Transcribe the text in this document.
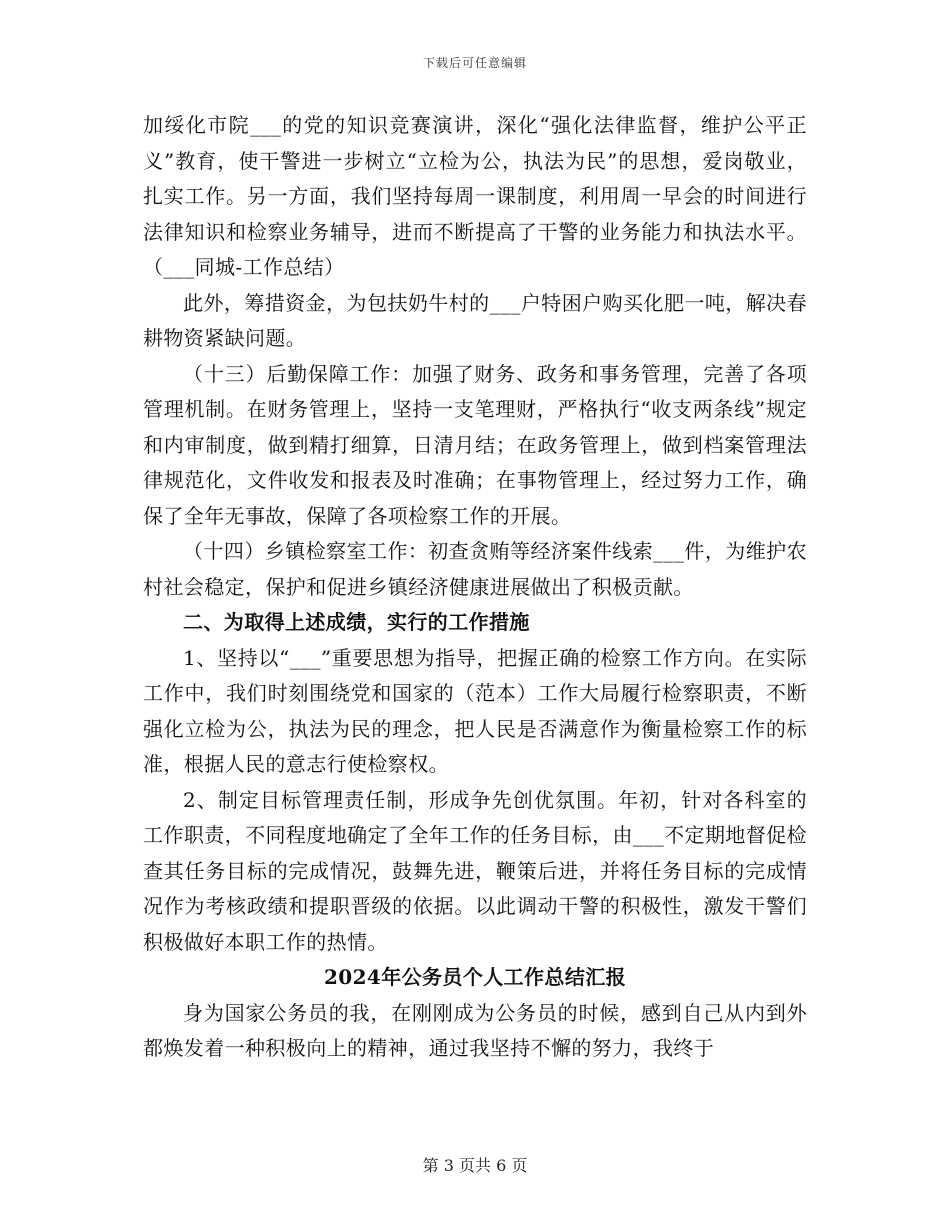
下载后可任意编辑

加绥化市院___的党的知识竞赛演讲，深化“强化法律监督，维护公平正义”教育，使干警进一步树立“立检为公，执法为民”的思想，爱岗敬业，扎实工作。另一方面，我们坚持每周一课制度，利用周一早会的时间进行法律知识和检察业务辅导，进而不断提高了干警的业务能力和执法水平。（___同城-工作总结）

此外，筹措资金，为包扶奶牛村的___户特困户购买化肥一吨，解决春耕物资紧缺问题。

（十三）后勤保障工作：加强了财务、政务和事务管理，完善了各项管理机制。在财务管理上，坚持一支笔理财，严格执行“收支两条线”规定和内审制度，做到精打细算，日清月结；在政务管理上，做到档案管理法律规范化，文件收发和报表及时准确；在事物管理上，经过努力工作，确保了全年无事故，保障了各项检察工作的开展。

（十四）乡镇检察室工作：初查贪贿等经济案件线索___件，为维护农村社会稳定，保护和促进乡镇经济健康进展做出了积极贡献。

二、为取得上述成绩，实行的工作措施

1、坚持以“___”重要思想为指导，把握正确的检察工作方向。在实际工作中，我们时刻围绕党和国家的（范本）工作大局履行检察职责，不断强化立检为公，执法为民的理念，把人民是否满意作为衡量检察工作的标准，根据人民的意志行使检察权。

2、制定目标管理责任制，形成争先创优氛围。年初，针对各科室的工作职责，不同程度地确定了全年工作的任务目标，由___不定期地督促检查其任务目标的完成情况，鼓舞先进，鞭策后进，并将任务目标的完成情况作为考核政绩和提职晋级的依据。以此调动干警的积极性，激发干警们积极做好本职工作的热情。

2024年公务员个人工作总结汇报

身为国家公务员的我，在刚刚成为公务员的时候，感到自己从内到外都焕发着一种积极向上的精神，通过我坚持不懈的努力，我终于

第 3 页共 6 页
